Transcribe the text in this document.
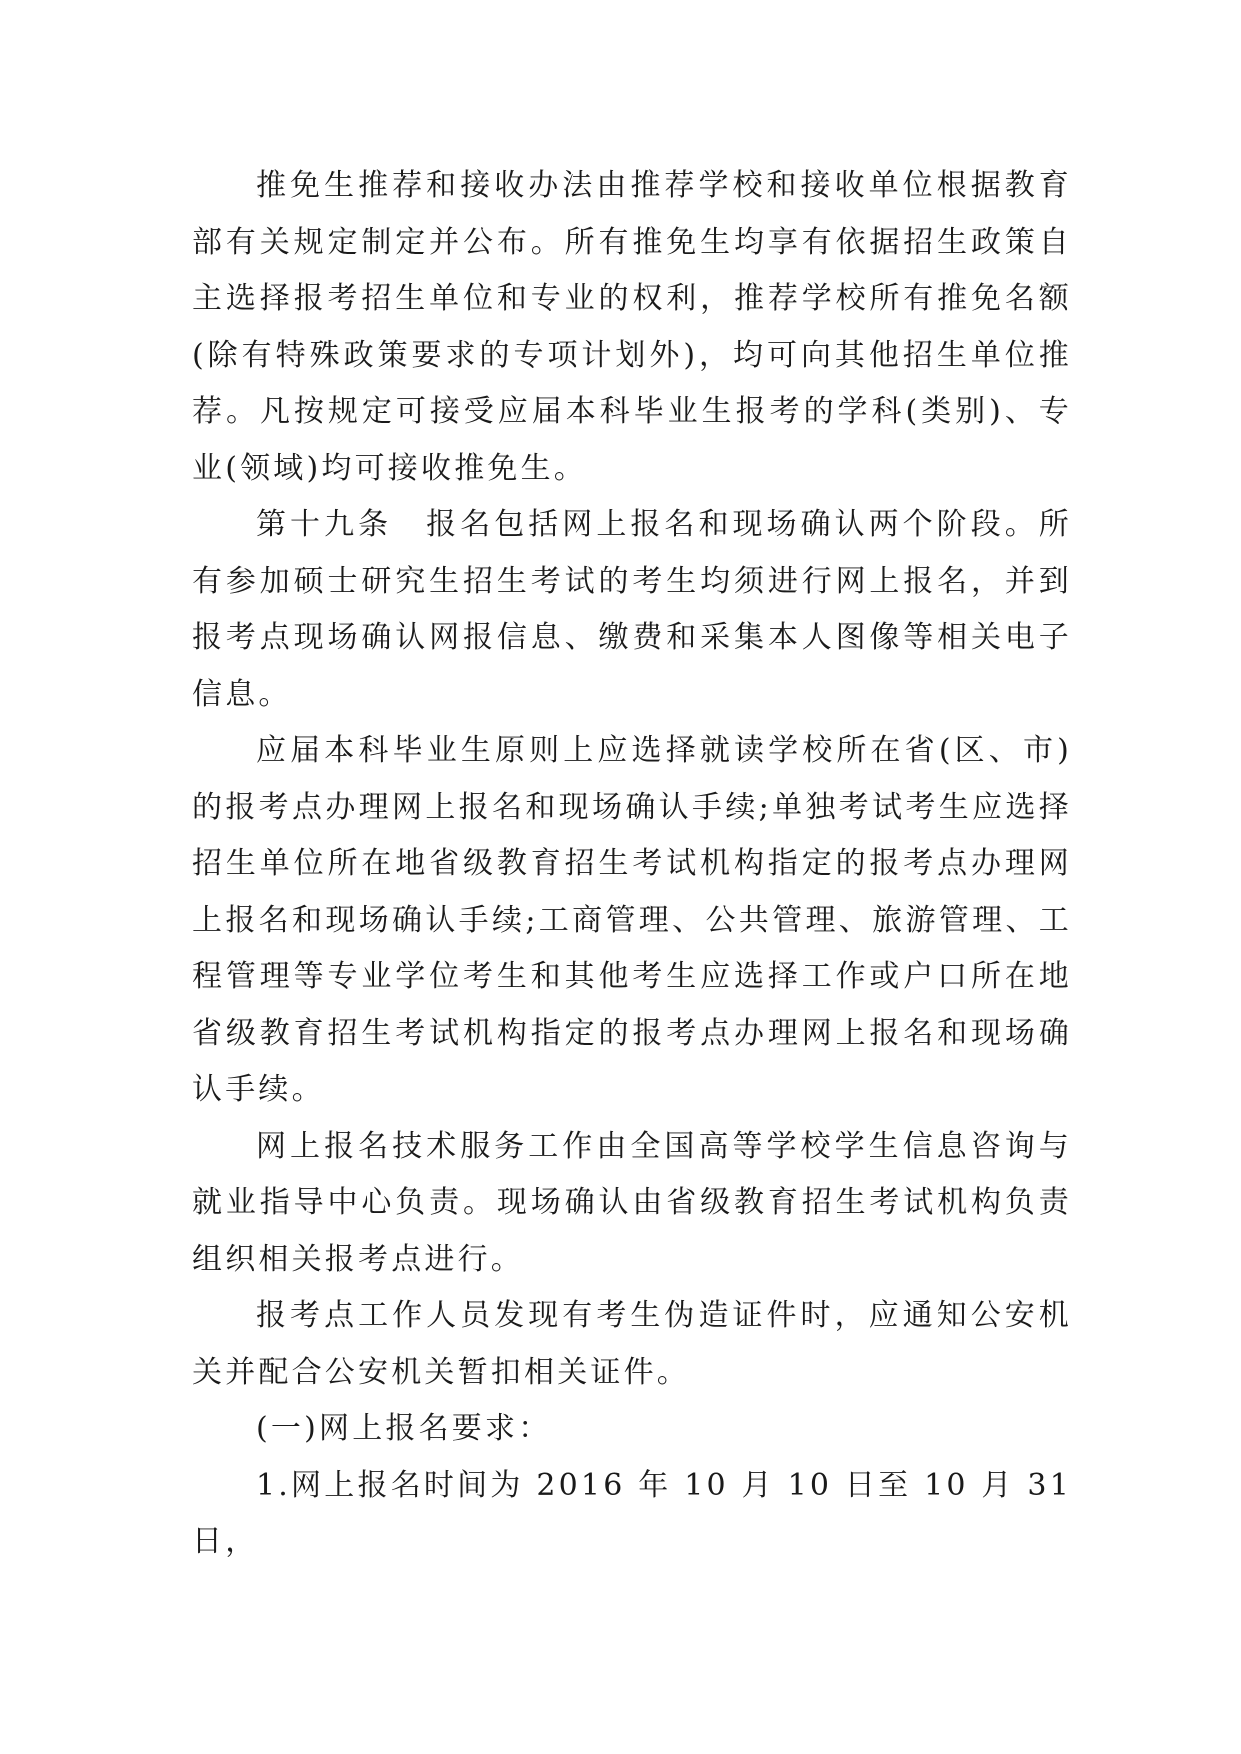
推免生推荐和接收办法由推荐学校和接收单位根据教育部有关规定制定并公布。所有推免生均享有依据招生政策自主选择报考招生单位和专业的权利，推荐学校所有推免名额(除有特殊政策要求的专项计划外)，均可向其他招生单位推荐。凡按规定可接受应届本科毕业生报考的学科(类别)、专业(领域)均可接收推免生。

第十九条　报名包括网上报名和现场确认两个阶段。所有参加硕士研究生招生考试的考生均须进行网上报名，并到报考点现场确认网报信息、缴费和采集本人图像等相关电子信息。

应届本科毕业生原则上应选择就读学校所在省(区、市)的报考点办理网上报名和现场确认手续;单独考试考生应选择招生单位所在地省级教育招生考试机构指定的报考点办理网上报名和现场确认手续;工商管理、公共管理、旅游管理、工程管理等专业学位考生和其他考生应选择工作或户口所在地省级教育招生考试机构指定的报考点办理网上报名和现场确认手续。

网上报名技术服务工作由全国高等学校学生信息咨询与就业指导中心负责。现场确认由省级教育招生考试机构负责组织相关报考点进行。

报考点工作人员发现有考生伪造证件时，应通知公安机关并配合公安机关暂扣相关证件。

(一)网上报名要求：

1.网上报名时间为 2016 年 10 月 10 日至 10 月 31 日，
